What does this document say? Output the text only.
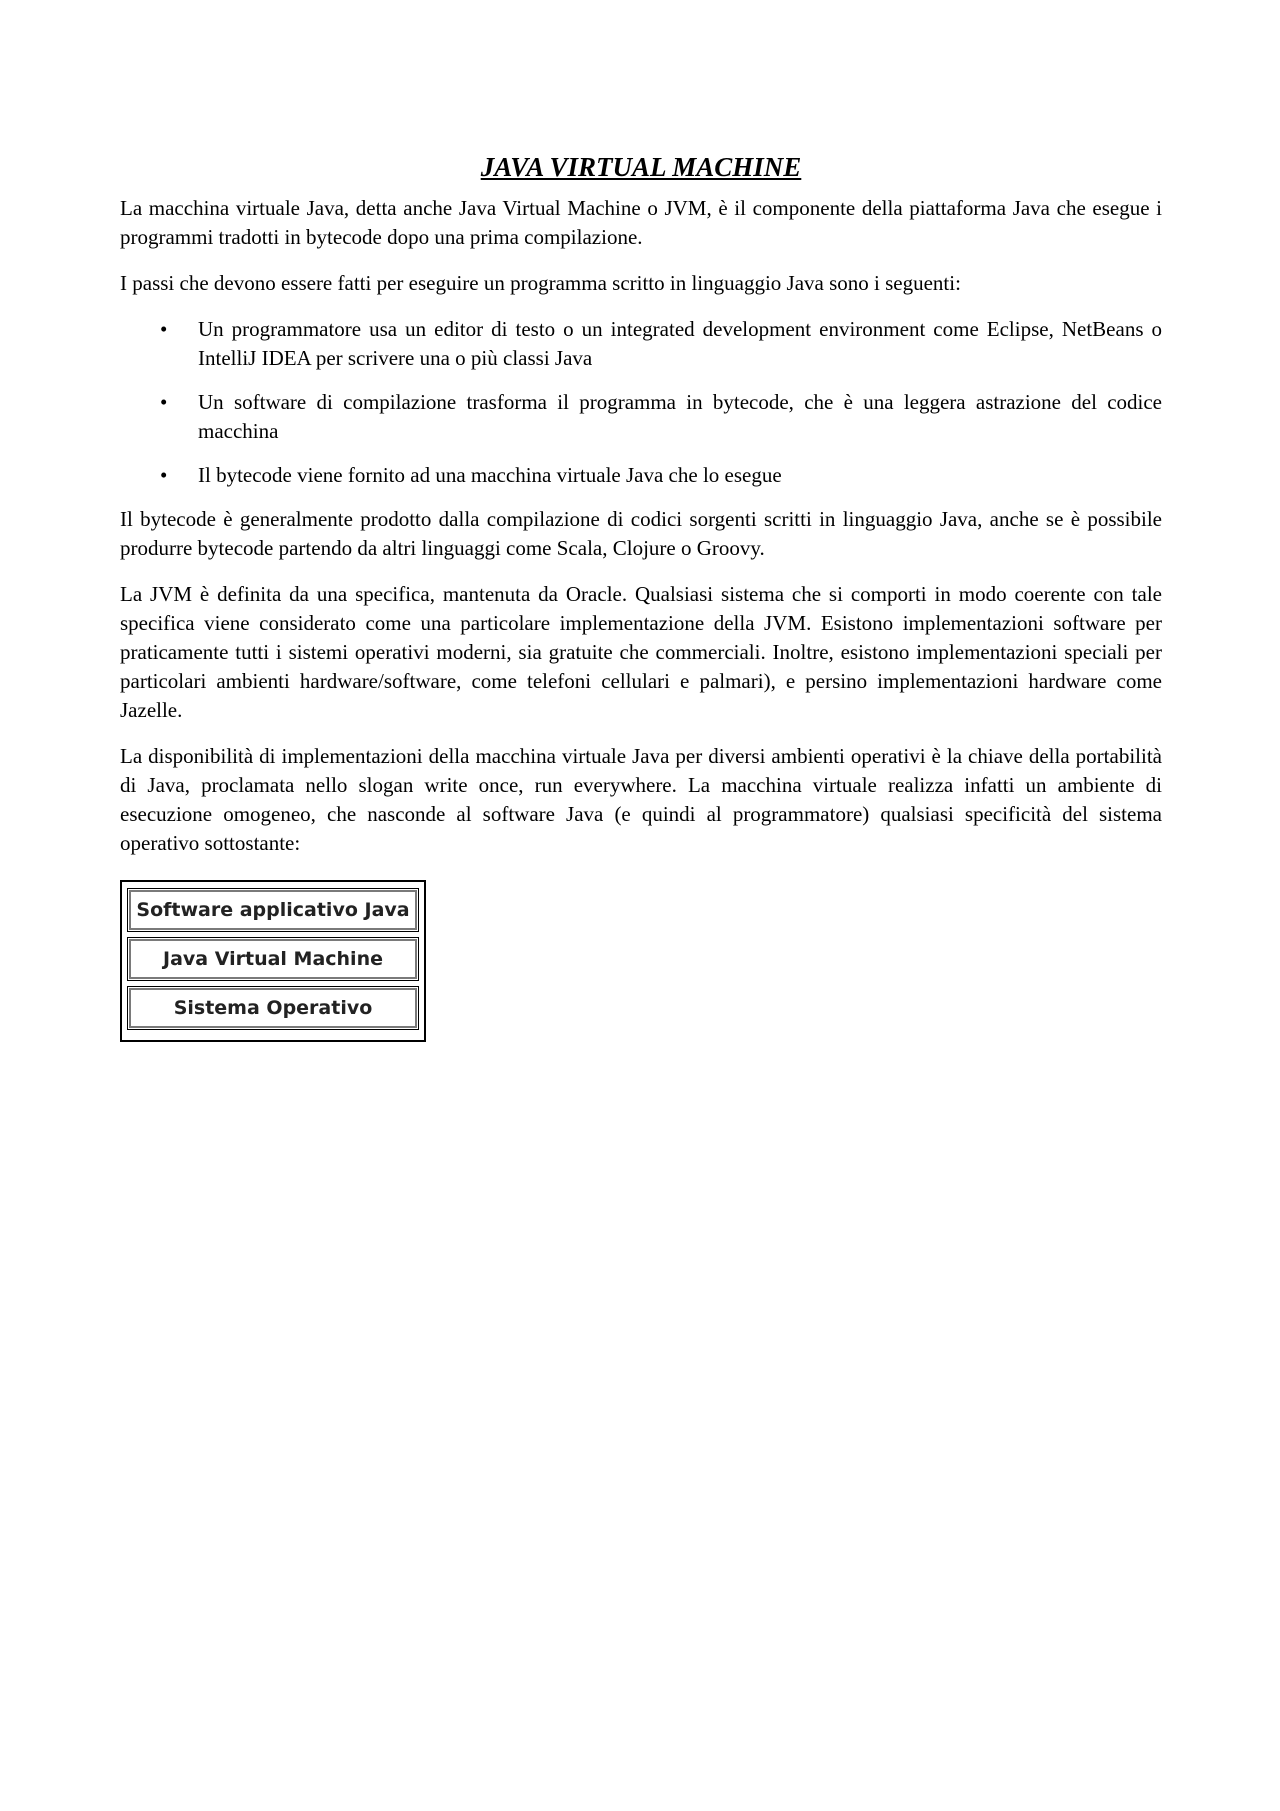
JAVA VIRTUAL MACHINE

La macchina virtuale Java, detta anche Java Virtual Machine o JVM, è il componente della piattaforma Java che esegue i programmi tradotti in bytecode dopo una prima compilazione.

I passi che devono essere fatti per eseguire un programma scritto in linguaggio Java sono i seguenti:

• Un programmatore usa un editor di testo o un integrated development environment come Eclipse, NetBeans o IntelliJ IDEA per scrivere una o più classi Java
• Un software di compilazione trasforma il programma in bytecode, che è una leggera astrazione del codice macchina
• Il bytecode viene fornito ad una macchina virtuale Java che lo esegue

Il bytecode è generalmente prodotto dalla compilazione di codici sorgenti scritti in linguaggio Java, anche se è possibile produrre bytecode partendo da altri linguaggi come Scala, Clojure o Groovy.

La JVM è definita da una specifica, mantenuta da Oracle. Qualsiasi sistema che si comporti in modo coerente con tale specifica viene considerato come una particolare implementazione della JVM. Esistono implementazioni software per praticamente tutti i sistemi operativi moderni, sia gratuite che commerciali. Inoltre, esistono implementazioni speciali per particolari ambienti hardware/software, come telefoni cellulari e palmari), e persino implementazioni hardware come Jazelle.

La disponibilità di implementazioni della macchina virtuale Java per diversi ambienti operativi è la chiave della portabilità di Java, proclamata nello slogan write once, run everywhere. La macchina virtuale realizza infatti un ambiente di esecuzione omogeneo, che nasconde al software Java (e quindi al programmatore) qualsiasi specificità del sistema operativo sottostante:

Software applicativo Java
Java Virtual Machine
Sistema Operativo
